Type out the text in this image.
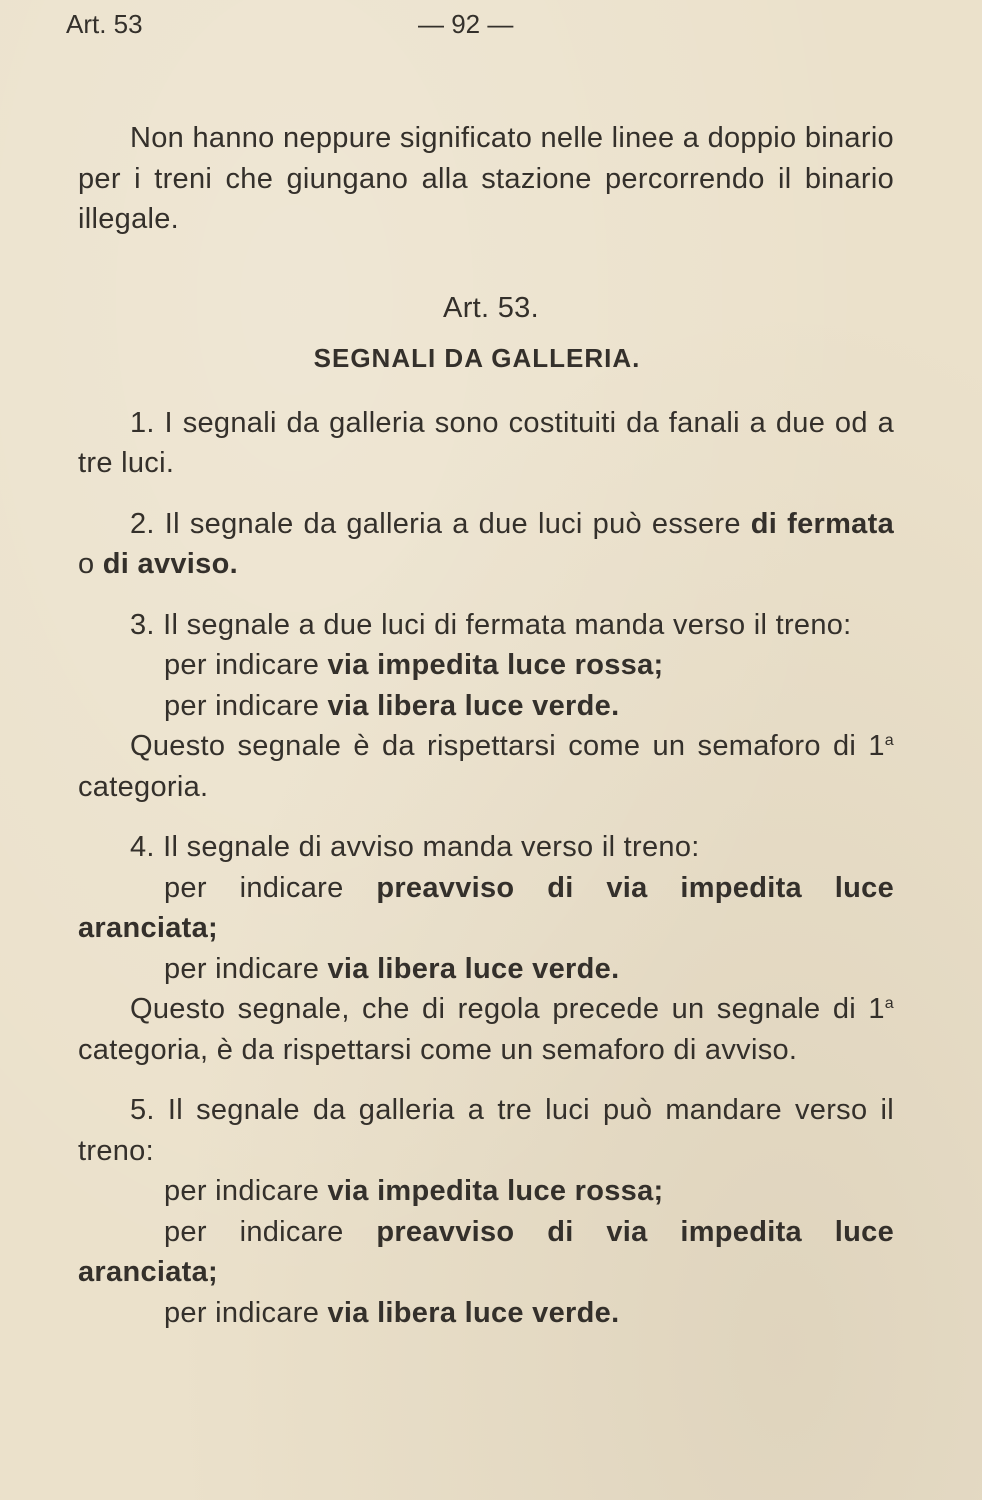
Art. 53	— 92 —

Non hanno neppure significato nelle linee a doppio binario per i treni che giungano alla stazione percorrendo il binario illegale.

Art. 53.

SEGNALI DA GALLERIA.

1. I segnali da galleria sono costituiti da fanali a due od a tre luci.

2. Il segnale da galleria a due luci può essere di fermata o di avviso.

3. Il segnale a due luci di fermata manda verso il treno:

per indicare via impedita luce rossa;

per indicare via libera luce verde.

Questo segnale è da rispettarsi come un semaforo di 1$^a$ categoria.

4. Il segnale di avviso manda verso il treno:

per indicare preavviso di via impedita luce aranciata;

per indicare via libera luce verde.

Questo segnale, che di regola precede un segnale di 1$^a$ categoria, è da rispettarsi come un semaforo di avviso.

5. Il segnale da galleria a tre luci può mandare verso il treno:

per indicare via impedita luce rossa;

per indicare preavviso di via impedita luce aranciata;

per indicare via libera luce verde.
